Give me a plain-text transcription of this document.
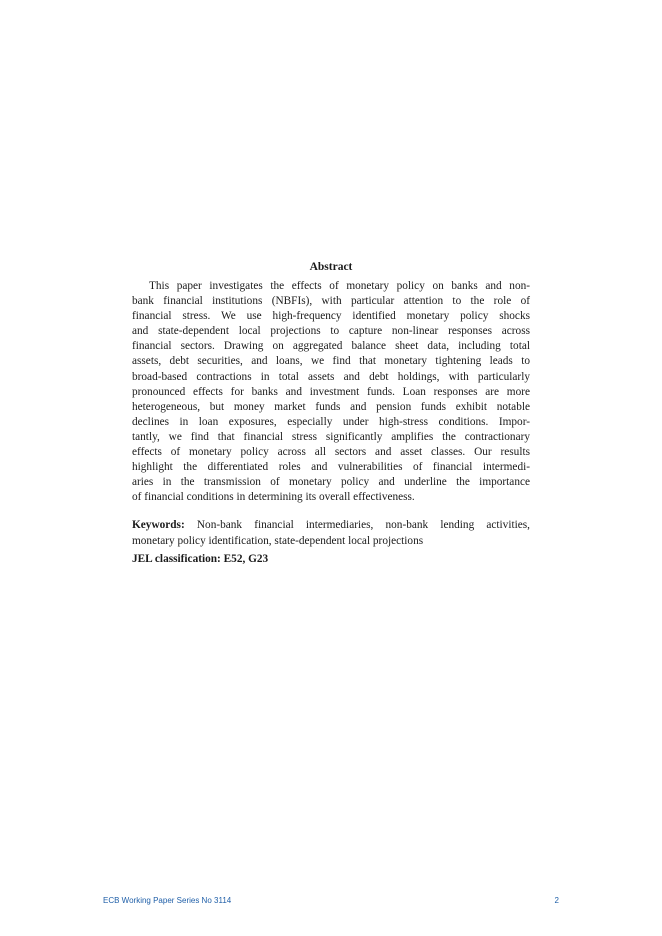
Abstract
This paper investigates the effects of monetary policy on banks and non-
bank financial institutions (NBFIs), with particular attention to the role of
financial stress. We use high-frequency identified monetary policy shocks
and state-dependent local projections to capture non-linear responses across
financial sectors. Drawing on aggregated balance sheet data, including total
assets, debt securities, and loans, we find that monetary tightening leads to
broad-based contractions in total assets and debt holdings, with particularly
pronounced effects for banks and investment funds. Loan responses are more
heterogeneous, but money market funds and pension funds exhibit notable
declines in loan exposures, especially under high-stress conditions. Impor-
tantly, we find that financial stress significantly amplifies the contractionary
effects of monetary policy across all sectors and asset classes. Our results
highlight the differentiated roles and vulnerabilities of financial intermedi-
aries in the transmission of monetary policy and underline the importance
of financial conditions in determining its overall effectiveness.
Keywords: Non-bank financial intermediaries, non-bank lending activities,
monetary policy identification, state-dependent local projections
JEL classification: E52, G23
ECB Working Paper Series No 3114	2
